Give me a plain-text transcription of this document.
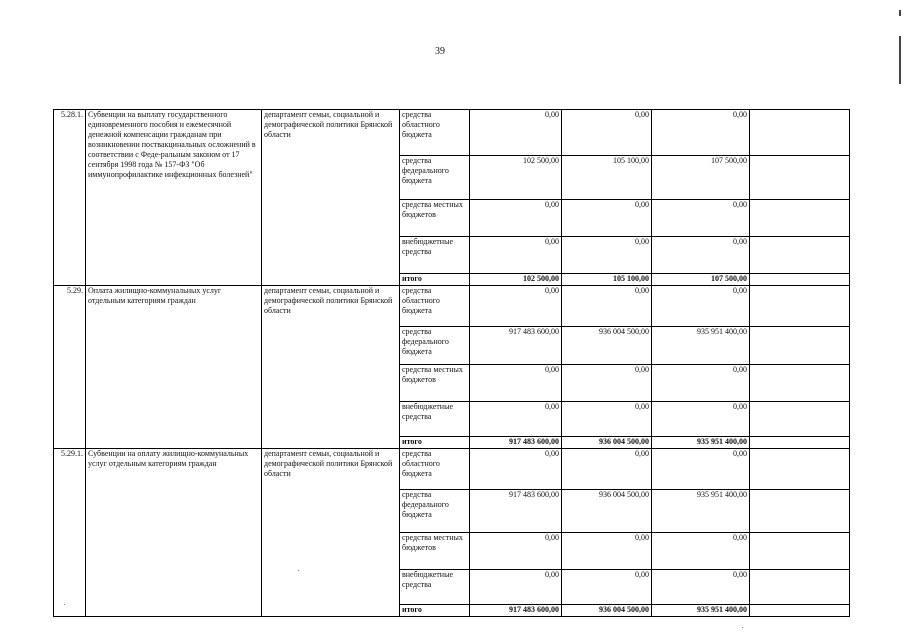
39
5.28.1.	Субвенции на выплату государственного единовременного пособия и ежемесячной денежной компенсации гражданам при возникновении поствакцинальных осложнений в соответствии с Феде-ральным законом от 17 сентября 1998 года № 157-ФЗ "Об иммунопрофилактике инфекционных болезней"	департамент семьи, социальной и демографической политики Брянской области	средства областного бюджета	0,00	0,00	0,00	
			средства федерального бюджета	102 500,00	105 100,00	107 500,00	
			средства местных бюджетов	0,00	0,00	0,00	
			внебюджетные средства	0,00	0,00	0,00	
			итого	102 500,00	105 100,00	107 500,00	
5.29.	Оплата жилищно-коммунальных услуг отдельным категориям граждан	департамент семьи, социальной и демографической политики Брянской области	средства областного бюджета	0,00	0,00	0,00	
			средства федерального бюджета	917 483 600,00	936 004 500,00	935 951 400,00	
			средства местных бюджетов	0,00	0,00	0,00	
			внебюджетные средства	0,00	0,00	0,00	
			итого	917 483 600,00	936 004 500,00	935 951 400,00	
5.29.1.	Субвенции на оплату жилищно-коммунальных услуг отдельным категориям граждан	департамент семьи, социальной и демографической политики Брянской области	средства областного бюджета	0,00	0,00	0,00	
			средства федерального бюджета	917 483 600,00	936 004 500,00	935 951 400,00	
			средства местных бюджетов	0,00	0,00	0,00	
			внебюджетные средства	0,00	0,00	0,00	
			итого	917 483 600,00	936 004 500,00	935 951 400,00	
